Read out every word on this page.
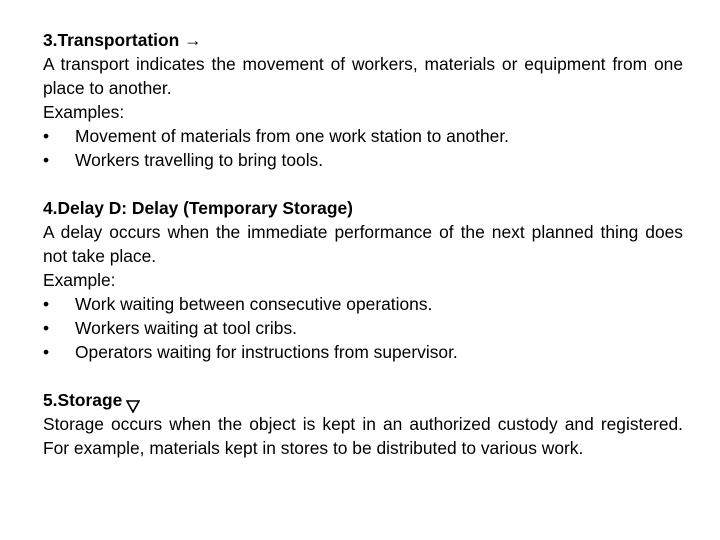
3.Transportation →

A transport indicates the movement of workers, materials or equipment from one place to another.

Examples:

• Movement of materials from one work station to another.
• Workers travelling to bring tools.
4.Delay D: Delay (Temporary Storage)

A delay occurs when the immediate performance of the next planned thing does not take place.

Example:

• Work waiting between consecutive operations.
• Workers waiting at tool cribs.
• Operators waiting for instructions from supervisor.
5.Storage

Storage occurs when the object is kept in an authorized custody and registered. For example, materials kept in stores to be distributed to various work.
